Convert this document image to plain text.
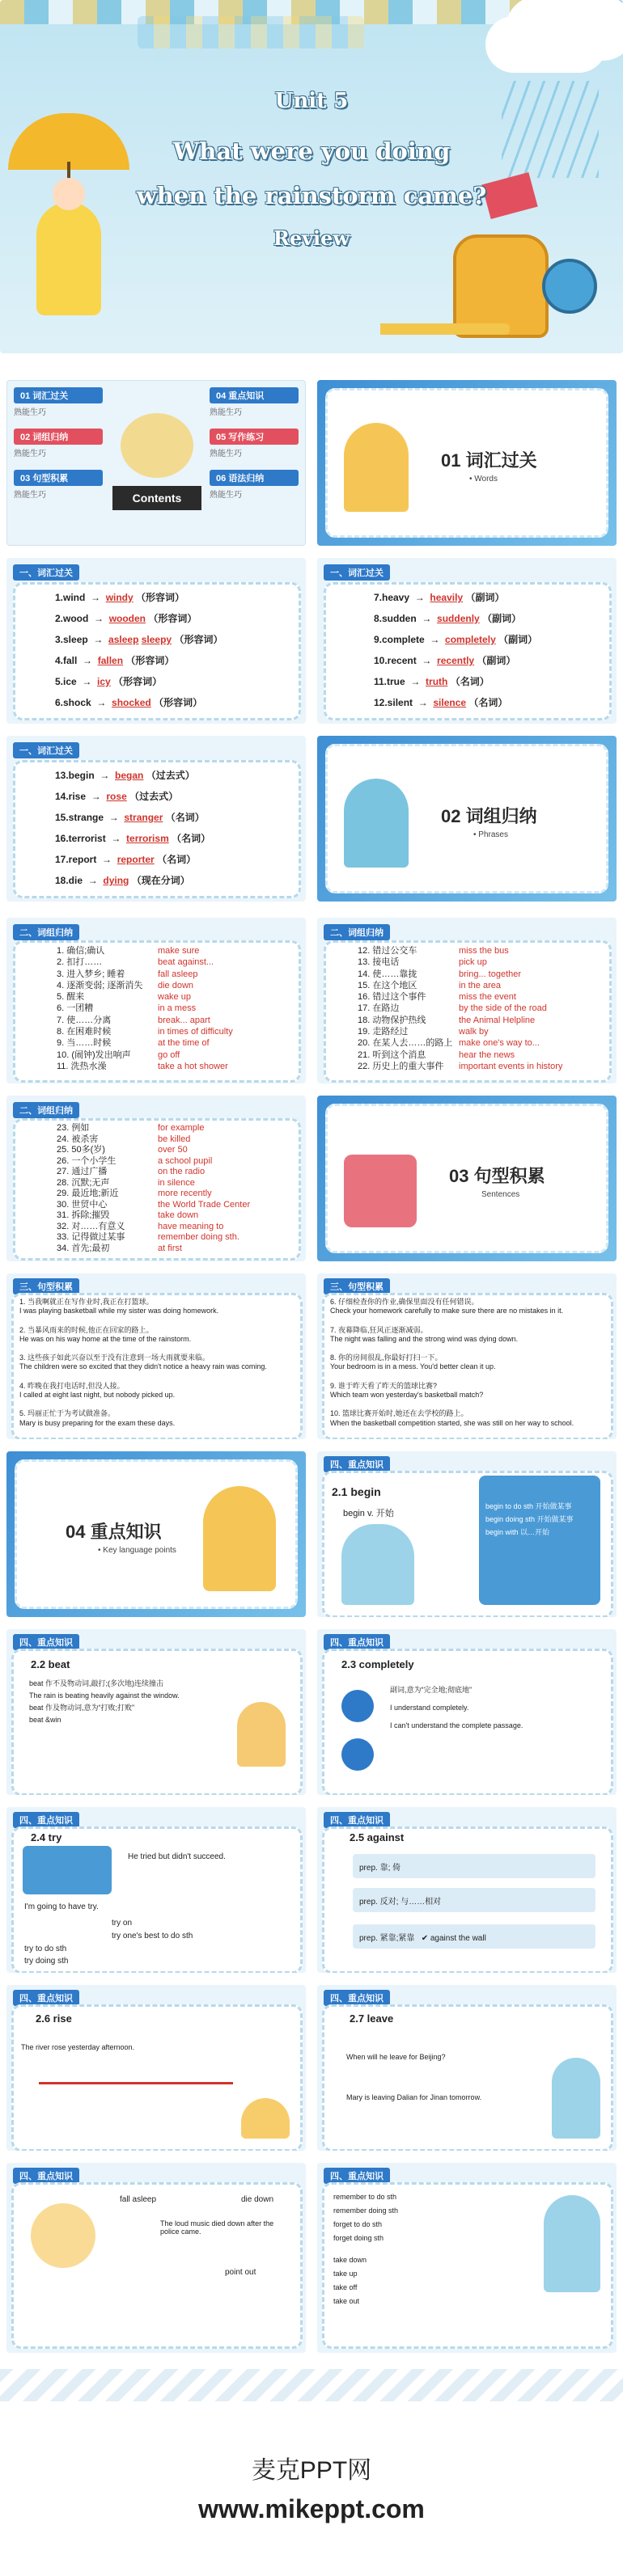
Unit 5
What were you doing
when the rainstorm came?
Review
01 词汇过关
熟能生巧
02 词组归纳
熟能生巧
03 句型积累
熟能生巧	Contents
04 重点知识
熟能生巧
05 写作练习
熟能生巧
06 语法归纳
熟能生巧
01 词汇过关
• Words
一、词汇过关
1.wind  →  windy （形容词）
2.wood  →  wooden （形容词）
3.sleep  →  asleep sleepy （形容词）
4.fall  →  fallen （形容词）
5.ice  →  icy （形容词）
6.shock  →  shocked （形容词）
一、词汇过关
7.heavy  →  heavily （副词）
8.sudden  →  suddenly （副词）
9.complete  →  completely （副词）
10.recent  →  recently （副词）
11.true  →  truth （名词）
12.silent  →  silence （名词）
一、词汇过关
13.begin  →  began （过去式）
14.rise  →  rose （过去式）
15.strange  →  stranger （名词）
16.terrorist  →  terrorism （名词）
17.report  →  reporter （名词）
18.die  →  dying （现在分词）
02 词组归纳
• Phrases
二、词组归纳
1. 确信;确认	make sure
2. 扣打……	beat against...
3. 进入梦乡; 睡着	fall asleep
4. 逐渐变弱; 逐渐消失 die down
5. 醒来	wake up
6. 一团糟	in a mess
7. 使……分离	break... apart
8. 在困难时候	in times of difficulty
9. 当……时候	at the time of
10. (闹钟)发出响声	go off
11. 洗热水澡	take a hot shower
二、词组归纳
12. 错过公交车	miss the bus
13. 接电话	pick up
14. 使……靠拢	bring... together
15. 在这个地区	in the area
16. 错过这个事件	miss the event
17. 在路边	by the side of the road
18. 动物保护热线	the Animal Helpline
19. 走路经过	walk by
20. 在某人去……的路上 make one's way to...
21. 听到这个消息	hear the news
22. 历史上的重大事件 important events in history
二、词组归纳
23. 例如	for example
24. 被杀害	be killed
25. 50多(岁)	over 50
26. 一个小学生	a school pupil
27. 通过广播	on the radio
28. 沉默;无声	in silence
29. 最近地;新近	more recently
30. 世贸中心	the World Trade Center
31. 拆除;摧毁	take down
32. 对……有意义	have meaning to
33. 记得做过某事	remember doing sth.
34. 首先;最初	at first
03 句型积累
Sentences
三、句型积累
1. 当我啊就正在写作业时,我正在打篮球。
I was playing basketball while my sister was doing homework.
2. 当暴风雨来的时候,他正在回家的路上。
He was on his way home at the time of the rainstorm.
3. 这些孩子如此兴奋以至于没有注意到一场大雨就要来临。
The children were so excited that they didn't notice a heavy rain was coming.
4. 昨晚在我打电话时,但没人接。
I called at eight last night, but nobody picked up.
5. 玛丽正忙于为考试做准备。
Mary is busy preparing for the exam these days.
三、句型积累
6. 仔细检查你的作业,确保里面没有任何错误。
Check your homework carefully to make sure there are no mistakes in it.
7. 夜幕降临,狂风正逐渐减弱。
The night was falling and the strong wind was dying down.
8. 你的房间很乱,你最好打扫一下。
Your bedroom is in a mess. You'd better clean it up.
9. 谁于昨天看了昨天的篮球比赛?
Which team won yesterday's basketball match?
10. 篮球比赛开始时,她还在去学校的路上。
When the basketball competition started, she was still on her way to school.
04 重点知识
• Key language points
四、重点知识
2.1 begin
begin v. 开始
begin to do sth 开始做某事
begin doing sth 开始做某事
begin with 以…开始
四、重点知识
2.2 beat
beat 作不及物动词,敲打;(多次地)连续撞击
The rain is beating heavily against the window.
beat 作及物动词,意为“打败;打败”
beat &win
四、重点知识
2.3 completely
副词,意为“完全地;彻底地”
I understand completely.
I can't understand the complete passage.
四、重点知识
2.4 try
He tried but didn't succeed.
I'm going to have try.
try on
try one's best to do sth
try to do sth
try doing sth
四、重点知识
2.5 against
prep. 靠; 倚
prep. 反对; 与……相对
prep. 紧靠;紧靠   ✔ against the wall
四、重点知识
2.6 rise
The river rose yesterday afternoon.
四、重点知识
2.7 leave
When will he leave for Beijing?
Mary is leaving Dalian for Jinan tomorrow.
四、重点知识
fall asleep	die down
The loud music died down after the police came.
point out
四、重点知识
remember to do sth
remember doing sth
forget to do sth
forget doing sth
take down
take up
take off
take out
麦克PPT网
www.mikeppt.com
